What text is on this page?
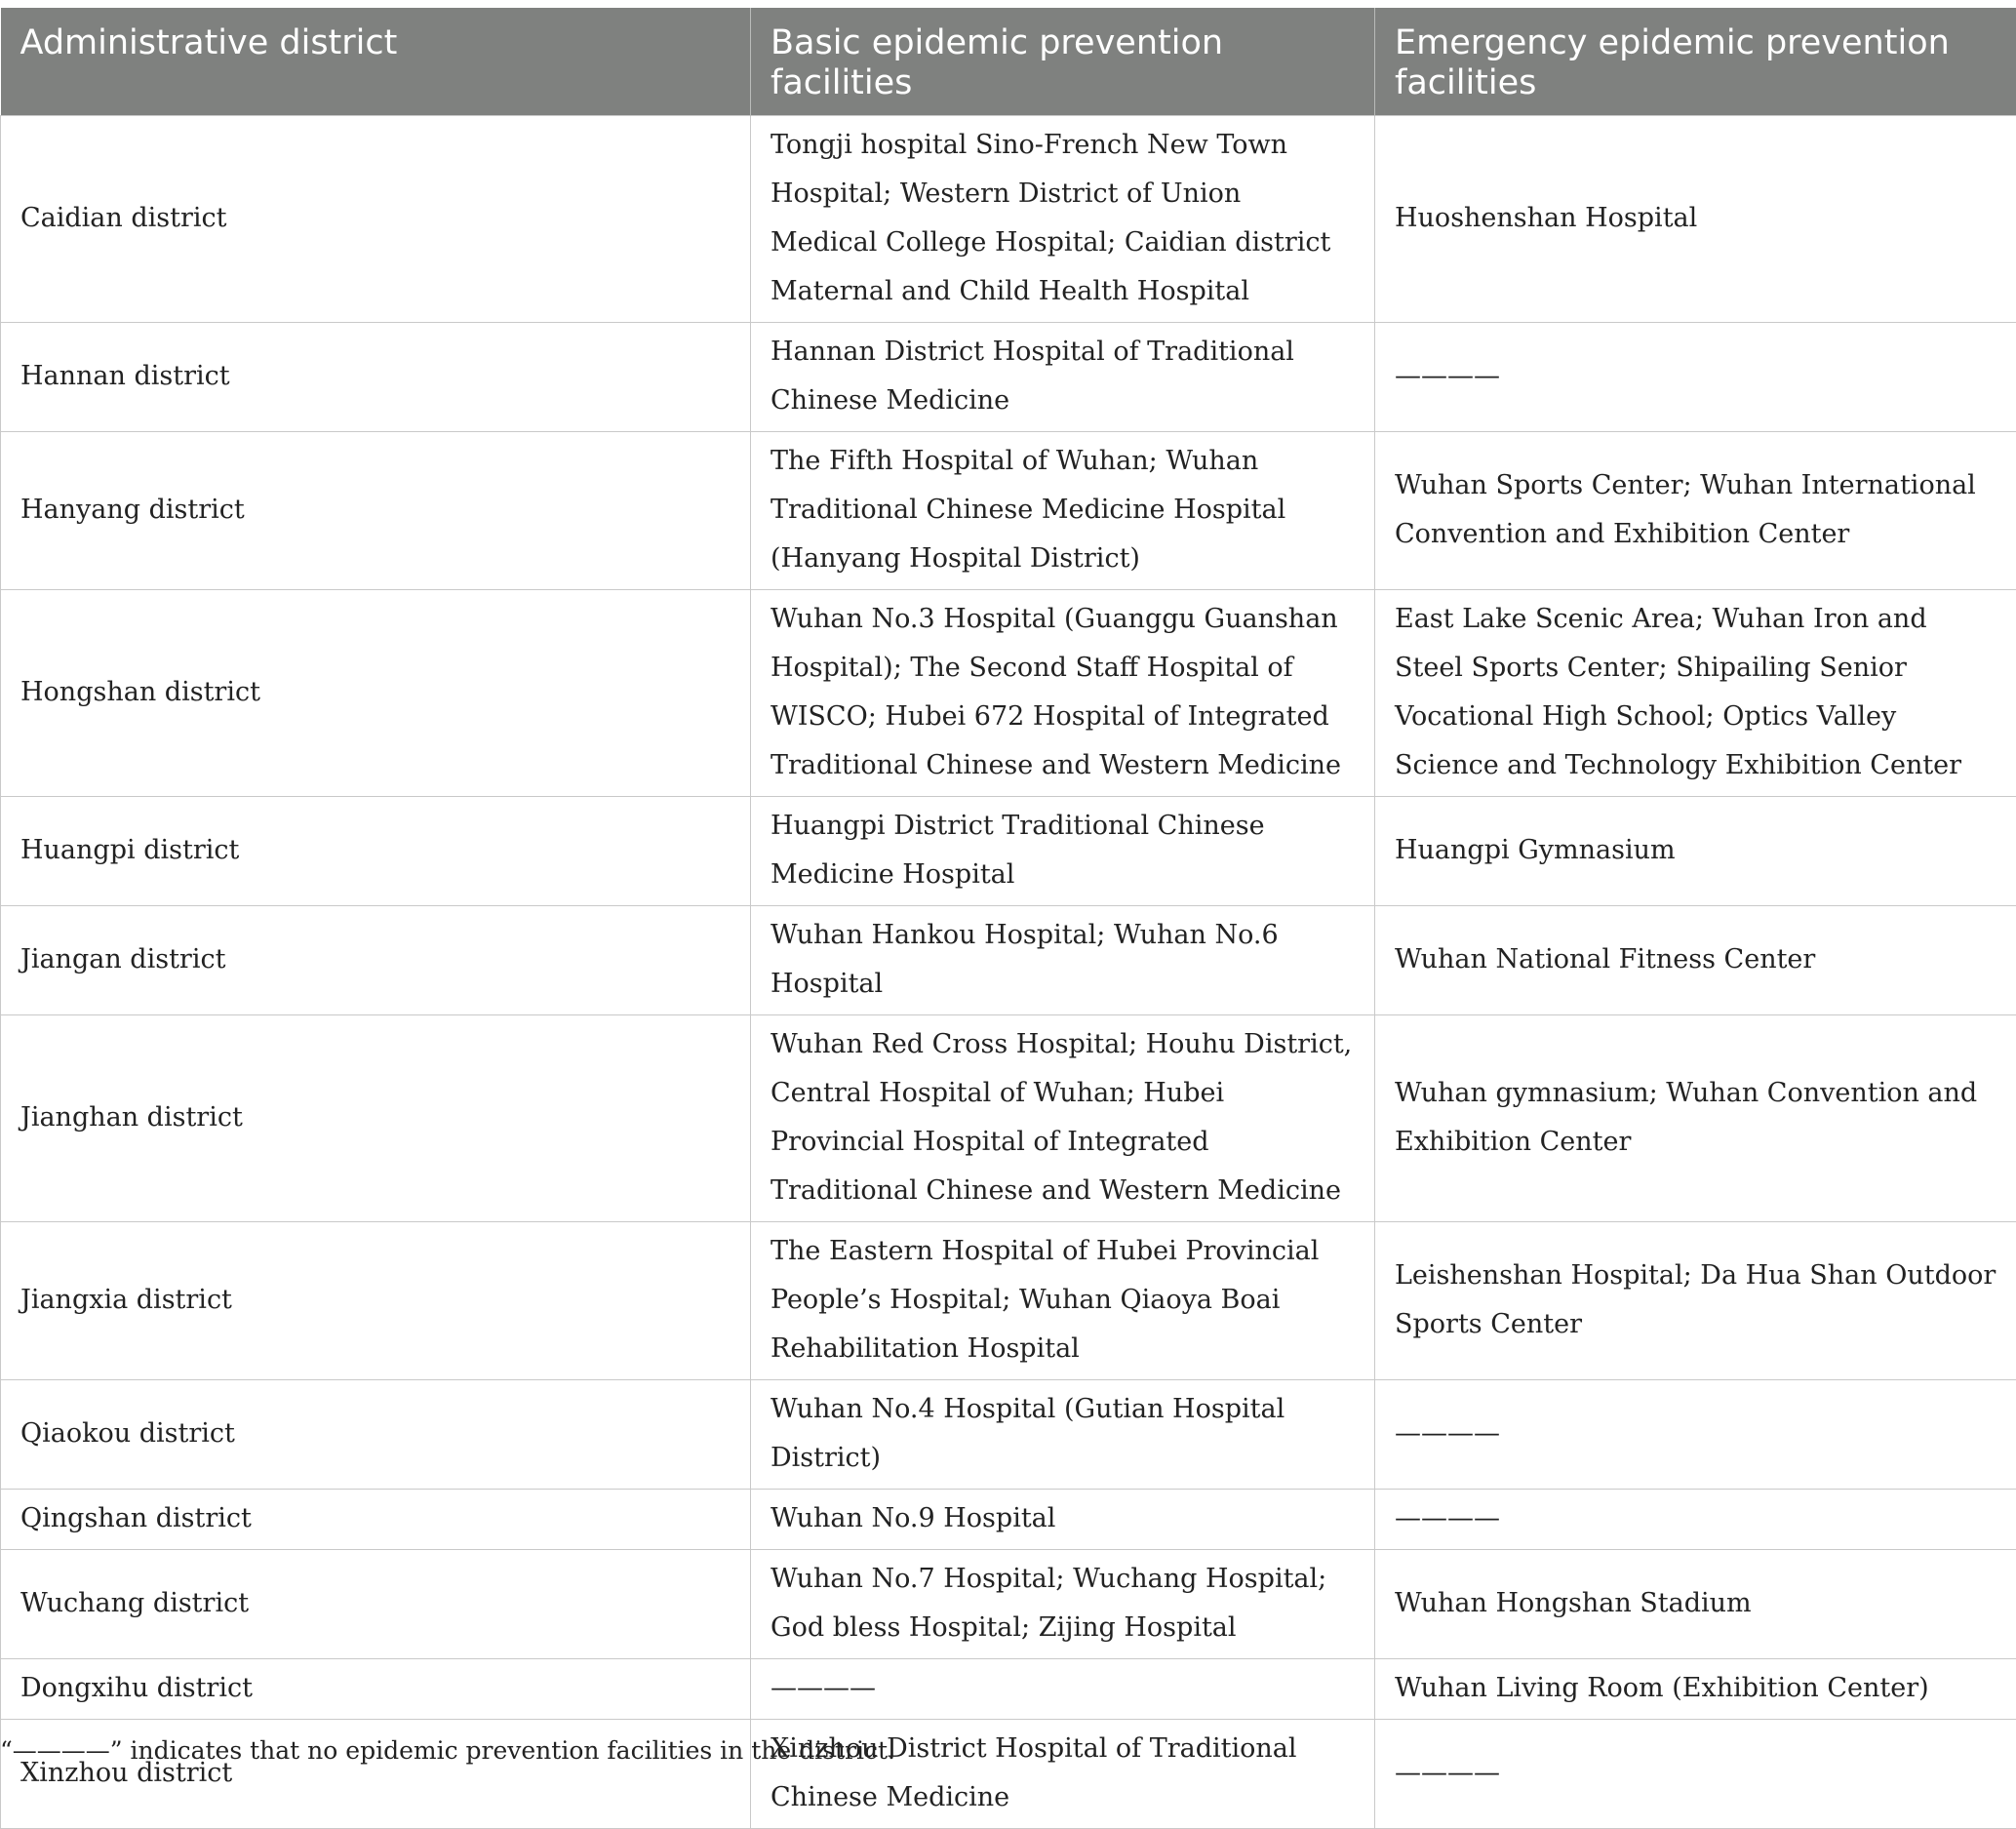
Administrative district	Basic epidemic prevention facilities	Emergency epidemic prevention facilities
Caidian district	Tongji hospital Sino-French New Town Hospital; Western District of Union Medical College Hospital; Caidian district Maternal and Child Health Hospital	Huoshenshan Hospital
Hannan district	Hannan District Hospital of Traditional Chinese Medicine	————
Hanyang district	The Fifth Hospital of Wuhan; Wuhan Traditional Chinese Medicine Hospital (Hanyang Hospital District)	Wuhan Sports Center; Wuhan International Convention and Exhibition Center
Hongshan district	Wuhan No.3 Hospital (Guanggu Guanshan Hospital); The Second Staff Hospital of WISCO; Hubei 672 Hospital of Integrated Traditional Chinese and Western Medicine	East Lake Scenic Area; Wuhan Iron and Steel Sports Center; Shipailing Senior Vocational High School; Optics Valley Science and Technology Exhibition Center
Huangpi district	Huangpi District Traditional Chinese Medicine Hospital	Huangpi Gymnasium
Jiangan district	Wuhan Hankou Hospital; Wuhan No.6 Hospital	Wuhan National Fitness Center
Jianghan district	Wuhan Red Cross Hospital; Houhu District, Central Hospital of Wuhan; Hubei Provincial Hospital of Integrated Traditional Chinese and Western Medicine	Wuhan gymnasium; Wuhan Convention and Exhibition Center
Jiangxia district	The Eastern Hospital of Hubei Provincial People’s Hospital; Wuhan Qiaoya Boai Rehabilitation Hospital	Leishenshan Hospital; Da Hua Shan Outdoor Sports Center
Qiaokou district	Wuhan No.4 Hospital (Gutian Hospital District)	————
Qingshan district	Wuhan No.9 Hospital	————
Wuchang district	Wuhan No.7 Hospital; Wuchang Hospital; God bless Hospital; Zijing Hospital	Wuhan Hongshan Stadium
Dongxihu district	————	Wuhan Living Room (Exhibition Center)
Xinzhou district	Xinzhou District Hospital of Traditional Chinese Medicine	————
“————” indicates that no epidemic prevention facilities in the district.
